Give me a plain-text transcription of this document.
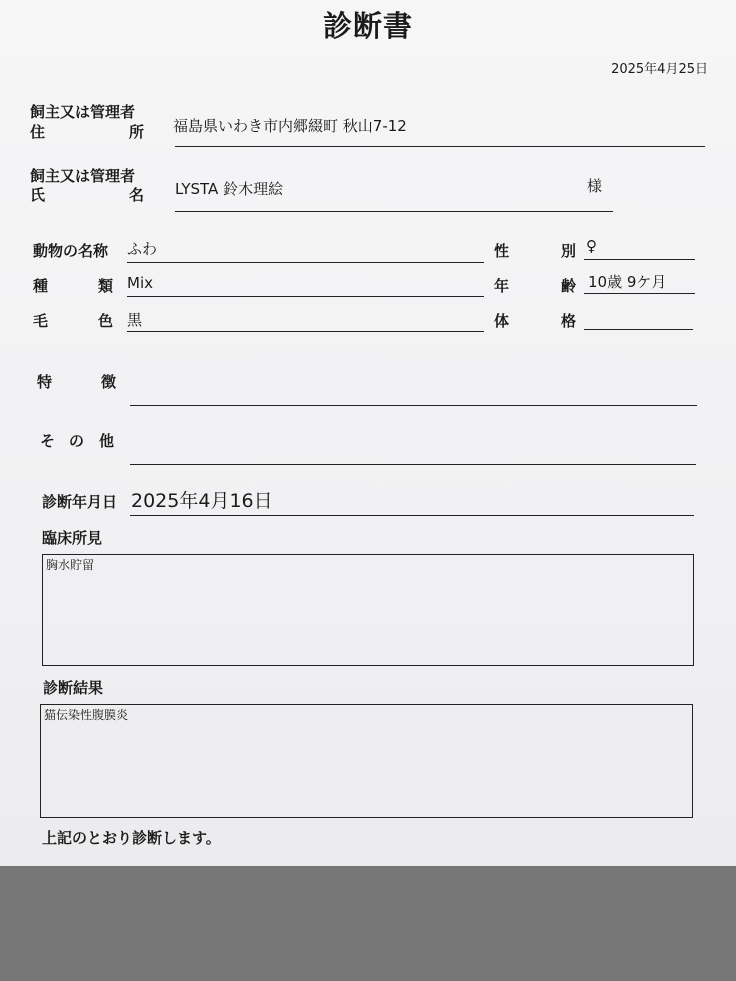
診断書
2025年4月25日
飼主又は管理者
住	所 福島県いわき市内郷綴町 秋山7-12
飼主又は管理者
氏	名 LYSTA 鈴木理絵	様
動物の名称 ふわ	性	別 ♀
種	類 Mix	年	齢 10歳 9ケ月
毛	色 黒	体	格
特	徴
そ の 他
診断年月日 2025年4月16日
臨床所見
胸水貯留
診断結果
猫伝染性腹膜炎
上記のとおり診断します。
